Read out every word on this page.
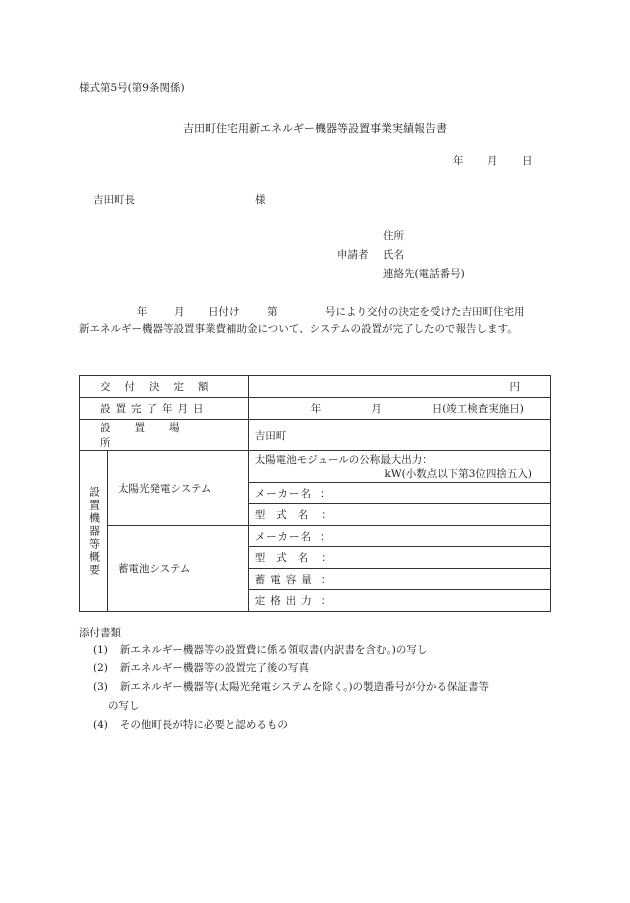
様式第5号(第9条関係)
吉田町住宅用新エネルギー機器等設置事業実績報告書
年 月 日
吉田町長	様
住所
申請者 氏名
連絡先(電話番号)
年	月 日付け	第	号により交付の決定を受けた吉田町住宅用
新エネルギー機器等設置事業費補助金について、システムの設置が完了したので報告します。
交付決定額		円
設置完了年月日		年 月 日(竣工検査実施日)
設置場所		吉田町

設置機器等概要	太陽光発電システム	太陽電池モジュールの公称最大出力：
kW(小数点以下第3位四捨五入)

		メーカー名 ：
		型式名 ：
	蓄電池システム	メーカー名 ：
		型式名 ：
		蓄電容量 ：
		定格出力 ：
添付書類
(1) 新エネルギー機器等の設置費に係る領収書(内訳書を含む。)の写し
(2) 新エネルギー機器等の設置完了後の写真
(3) 新エネルギー機器等(太陽光発電システムを除く。)の製造番号が分かる保証書等
の写し
(4) その他町長が特に必要と認めるもの
